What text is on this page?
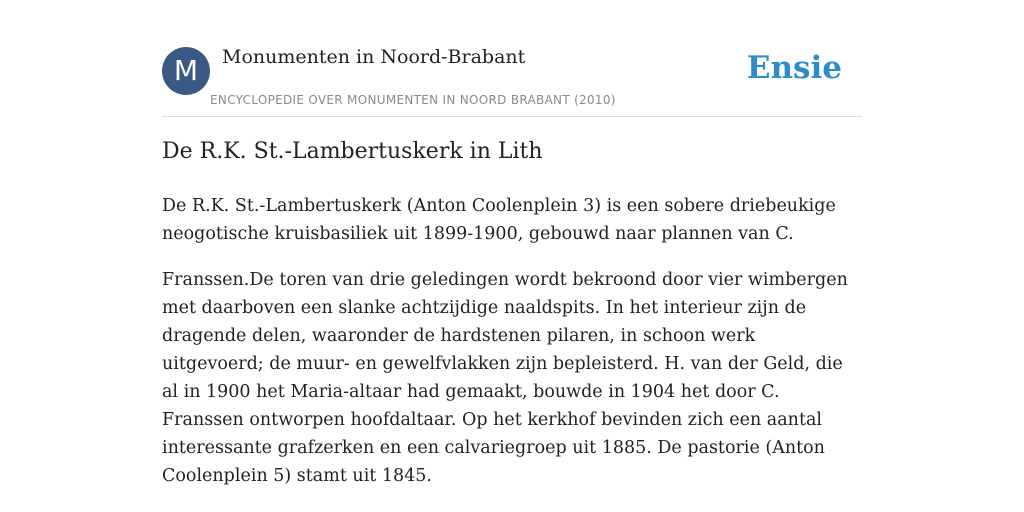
M	Monumenten in Noord-Brabant
ENCYCLOPEDIE OVER MONUMENTEN IN NOORD BRABANT (2010)
Ensie
De R.K. St.-Lambertuskerk in Lith

De R.K. St.-Lambertuskerk (Anton Coolenplein 3) is een sobere driebeukige neogotische kruisbasiliek uit 1899-1900, gebouwd naar plannen van C.

Franssen.De toren van drie geledingen wordt bekroond door vier wimbergen met daarboven een slanke achtzijdige naaldspits. In het interieur zijn de dragende delen, waaronder de hardstenen pilaren, in schoon werk uitgevoerd; de muur- en gewelfvlakken zijn bepleisterd. H. van der Geld, die al in 1900 het Maria-altaar had gemaakt, bouwde in 1904 het door C. Franssen ontworpen hoofdaltaar. Op het kerkhof bevinden zich een aantal interessante grafzerken en een calvariegroep uit 1885. De pastorie (Anton Coolenplein 5) stamt uit 1845.
